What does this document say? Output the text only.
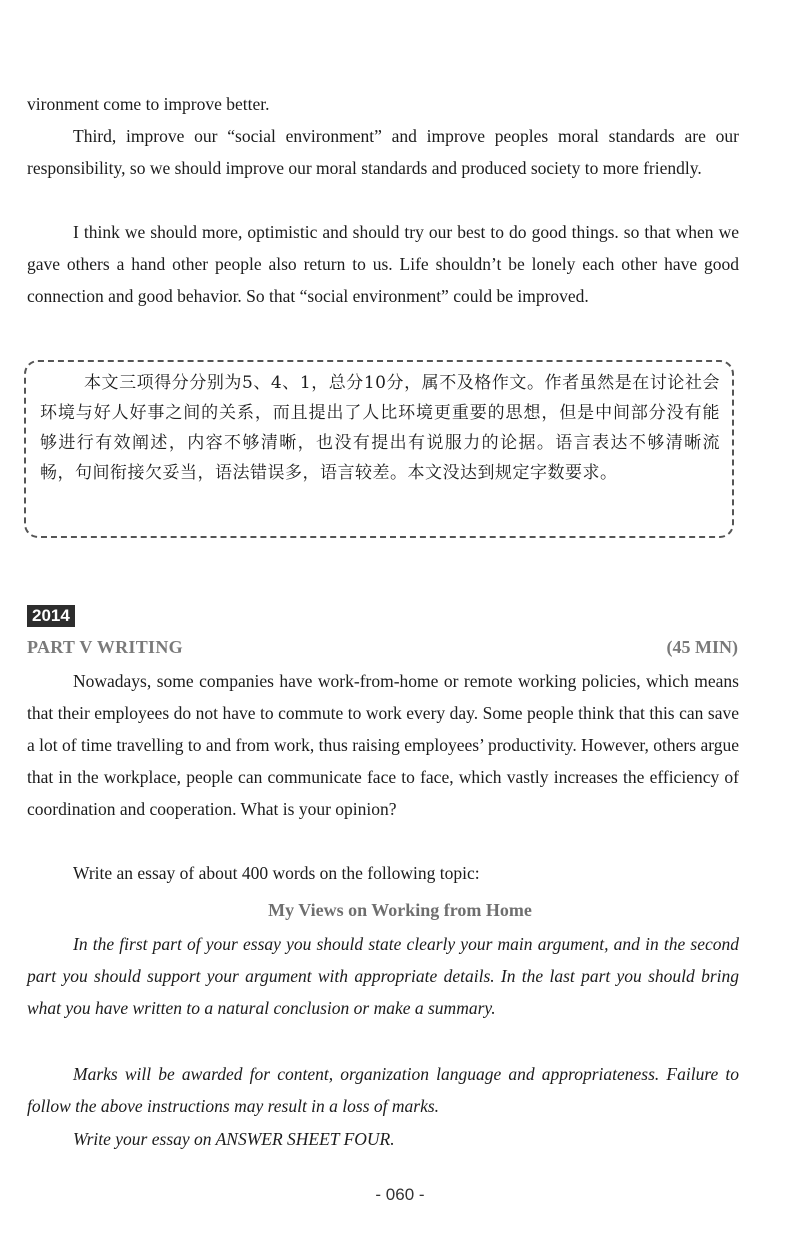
vironment come to improve better.

Third, improve our “social environment” and improve peoples moral standards are our responsibility, so we should improve our moral standards and produced society to more friendly.

I think we should more, optimistic and should try our best to do good things. so that when we gave others a hand other people also return to us. Life shouldn’t be lonely each other have good connection and good behavior. So that “social environment” could be improved.

本文三项得分分别为5、4、1，总分10分，属不及格作文。作者虽然是在讨论社会环境与好人好事之间的关系，而且提出了人比环境更重要的思想，但是中间部分没有能够进行有效阐述，内容不够清晰，也没有提出有说服力的论据。语言表达不够清晰流畅，句间衔接欠妥当，语法错误多，语言较差。本文没达到规定字数要求。

2014
PART V WRITING	(45 MIN)

Nowadays, some companies have work-from-home or remote working policies, which means that their employees do not have to commute to work every day. Some people think that this can save a lot of time travelling to and from work, thus raising employees’ productivity. However, others argue that in the workplace, people can communicate face to face, which vastly increases the efficiency of coordination and cooperation. What is your opinion?

Write an essay of about 400 words on the following topic:

My Views on Working from Home

In the first part of your essay you should state clearly your main argument, and in the second part you should support your argument with appropriate details. In the last part you should bring what you have written to a natural conclusion or make a summary.

Marks will be awarded for content, organization language and appropriateness. Failure to follow the above instructions may result in a loss of marks.

Write your essay on ANSWER SHEET FOUR.

- 060 -
